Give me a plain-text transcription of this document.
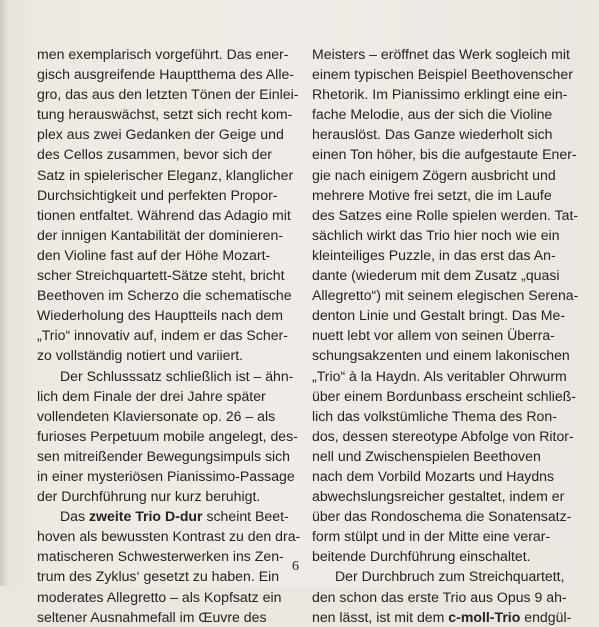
men exemplarisch vorgeführt. Das ener-
gisch ausgreifende Hauptthema des Alle-
gro, das aus den letzten Tönen der Einlei-
tung herauswächst, setzt sich recht kom-
plex aus zwei Gedanken der Geige und
des Cellos zusammen, bevor sich der
Satz in spielerischer Eleganz, klanglicher
Durchsichtigkeit und perfekten Propor-
tionen entfaltet. Während das Adagio mit
der innigen Kantabilität der dominieren-
den Violine fast auf der Höhe Mozart-
scher Streichquartett-Sätze steht, bricht
Beethoven im Scherzo die schematische
Wiederholung des Hauptteils nach dem
„Trio“ innovativ auf, indem er das Scher-
zo vollständig notiert und variiert.
Der Schlusssatz schließlich ist – ähn-
lich dem Finale der drei Jahre später
vollendeten Klaviersonate op. 26 – als
furioses Perpetuum mobile angelegt, des-
sen mitreißender Bewegungsimpuls sich
in einer mysteriösen Pianissimo-Passage
der Durchführung nur kurz beruhigt.
Das zweite Trio D-dur scheint Beet-
hoven als bewussten Kontrast zu den dra-
matischeren Schwesterwerken ins Zen-
trum des Zyklus‘ gesetzt zu haben. Ein
moderates Allegretto – als Kopfsatz ein
seltener Ausnahmefall im Œuvre des
Meisters – eröffnet das Werk sogleich mit
einem typischen Beispiel Beethovenscher
Rhetorik. Im Pianissimo erklingt eine ein-
fache Melodie, aus der sich die Violine
herauslöst. Das Ganze wiederholt sich
einen Ton höher, bis die aufgestaute Ener-
gie nach einigem Zögern ausbricht und
mehrere Motive frei setzt, die im Laufe
des Satzes eine Rolle spielen werden. Tat-
sächlich wirkt das Trio hier noch wie ein
kleinteiliges Puzzle, in das erst das An-
dante (wiederum mit dem Zusatz „quasi
Allegretto“) mit seinem elegischen Serena-
denton Linie und Gestalt bringt. Das Me-
nuett lebt vor allem von seinen Überra-
schungsakzenten und einem lakonischen
„Trio“ à la Haydn. Als veritabler Ohrwurm
über einem Bordunbass erscheint schließ-
lich das volkstümliche Thema des Ron-
dos, dessen stereotype Abfolge von Ritor-
nell und Zwischenspielen Beethoven
nach dem Vorbild Mozarts und Haydns
abwechslungsreicher gestaltet, indem er
über das Rondoschema die Sonatensatz-
form stülpt und in der Mitte eine verar-
beitende Durchführung einschaltet.
Der Durchbruch zum Streichquartett,
den schon das erste Trio aus Opus 9 ah-
nen lässt, ist mit dem c-moll-Trio endgül-
6
